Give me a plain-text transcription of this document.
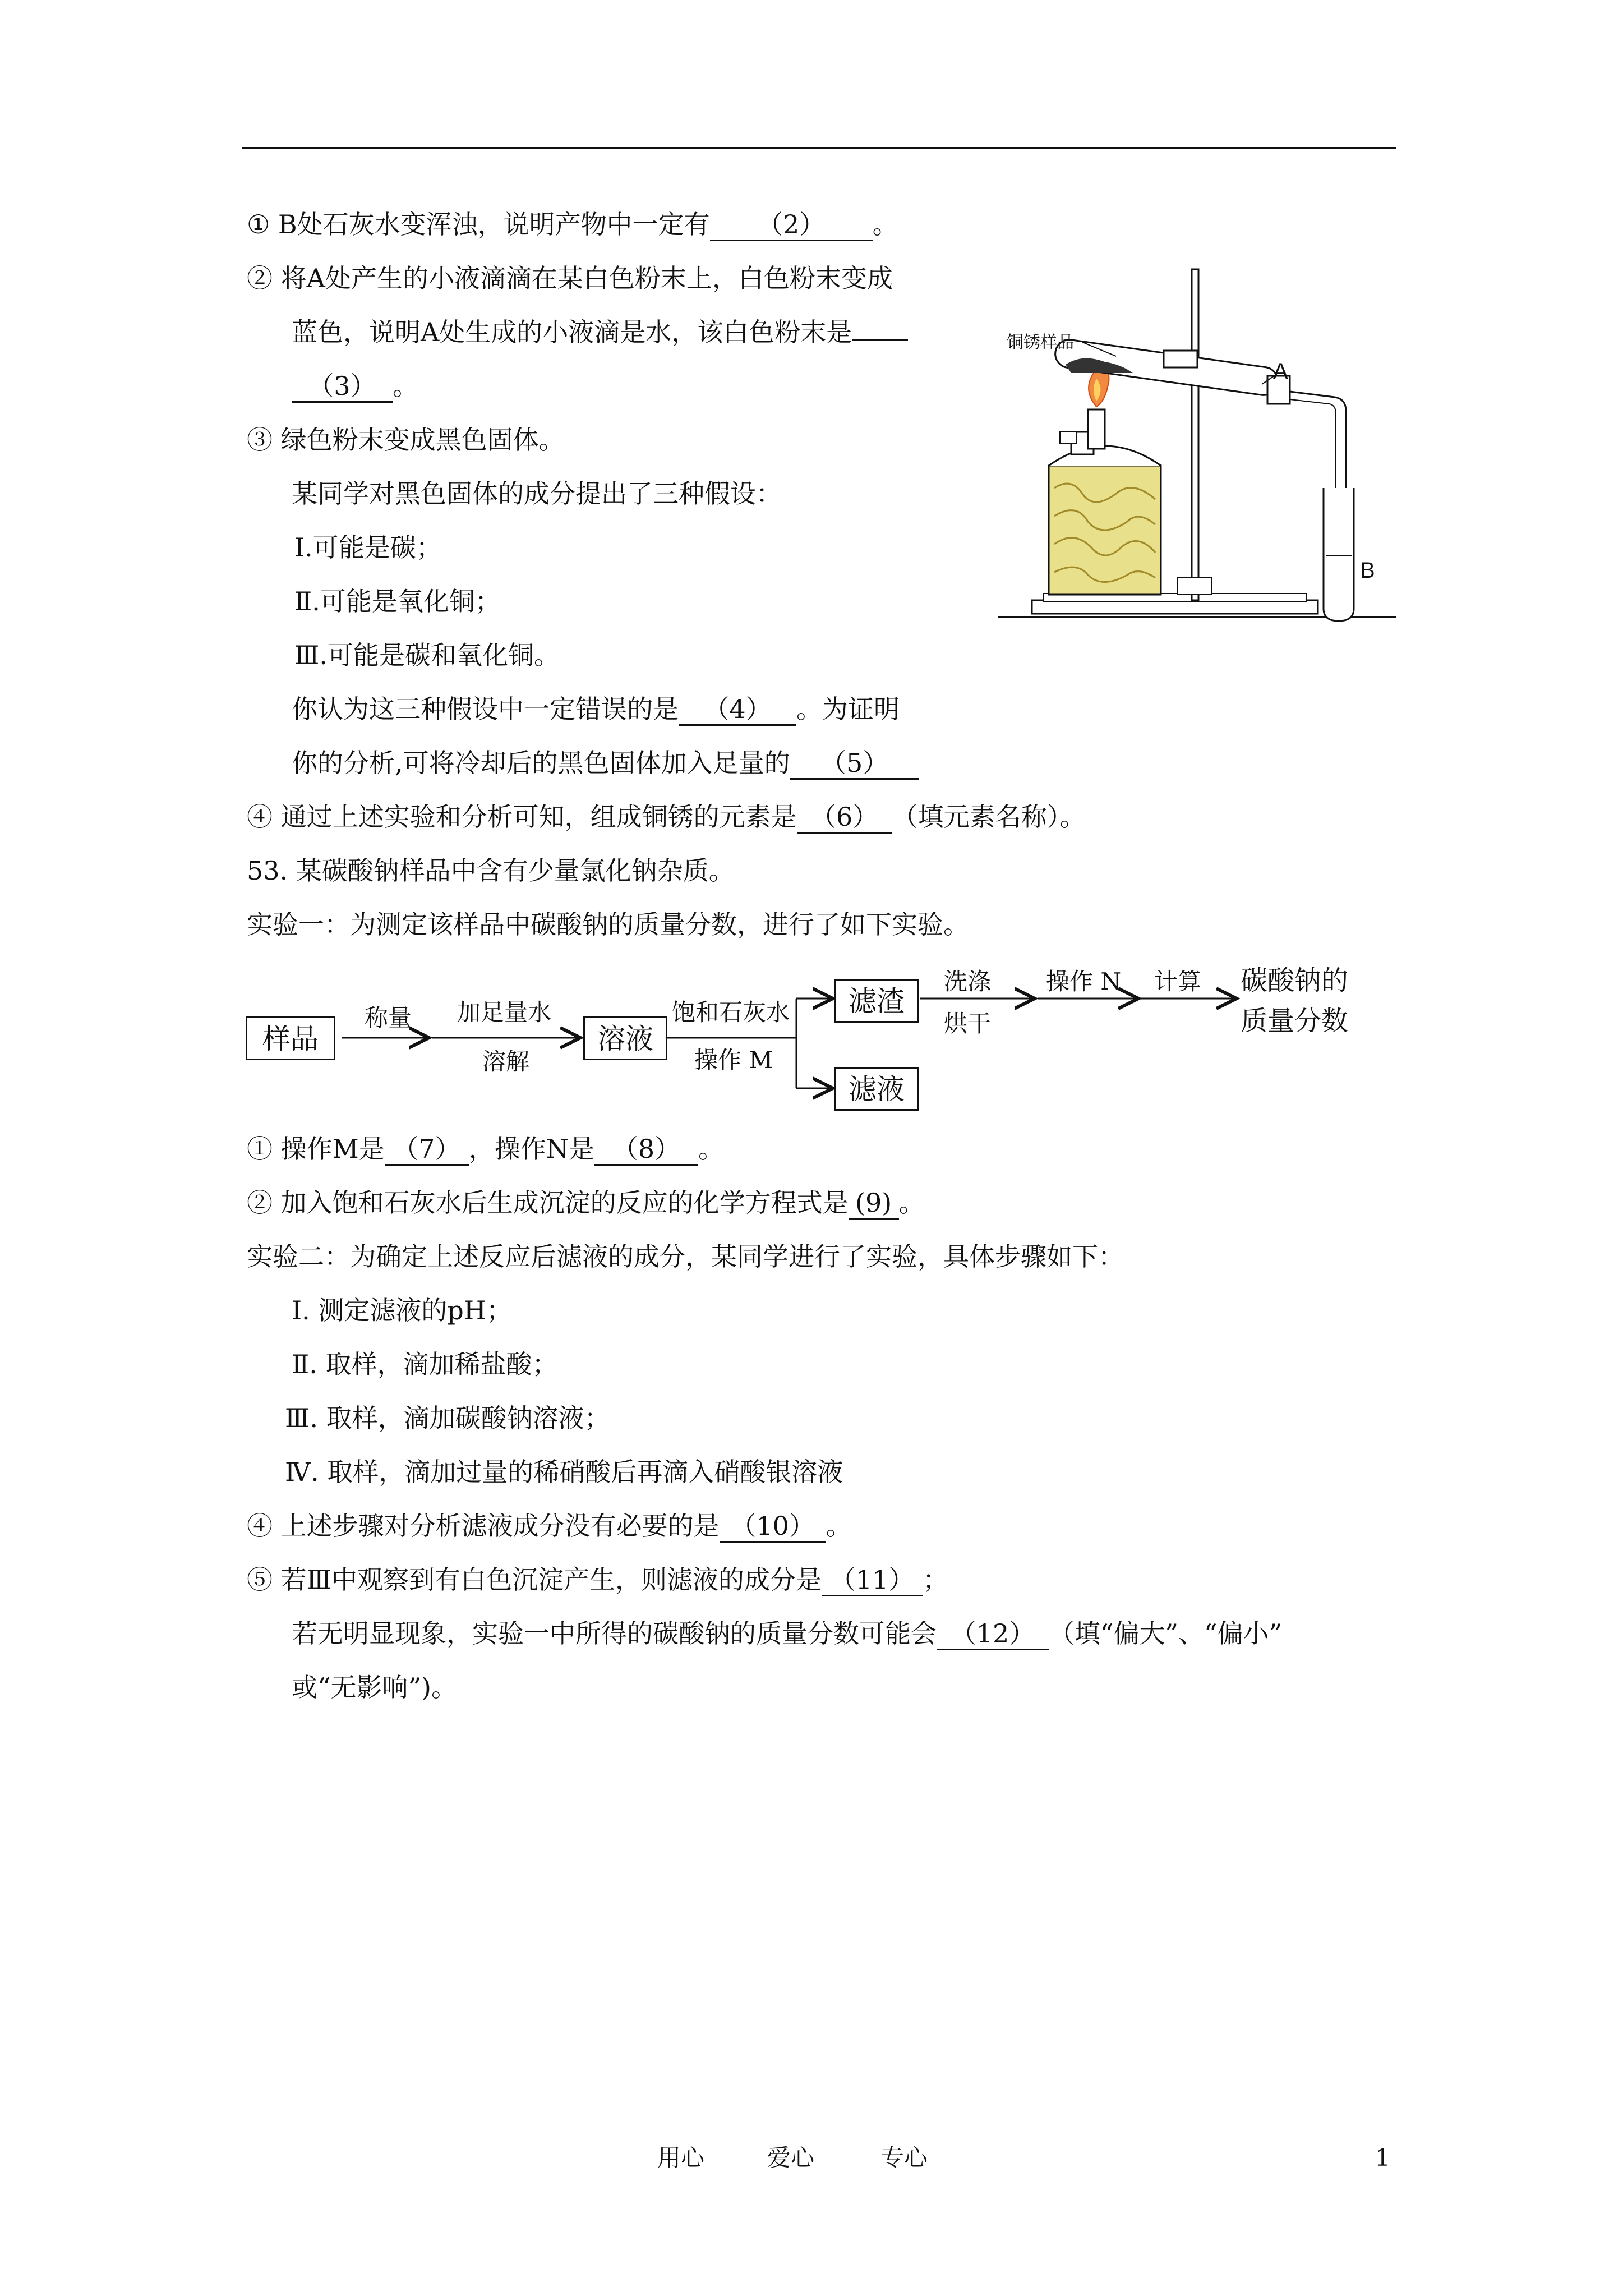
① B处石灰水变浑浊，说明产物中一定有 （2） 。
② 将A处产生的小液滴滴在某白色粉末上，白色粉末变成
蓝色，说明A处生成的小液滴是水，该白色粉末是
（3） 。
③ 绿色粉末变成黑色固体。
某同学对黑色固体的成分提出了三种假设：
Ⅰ.可能是碳；
Ⅱ.可能是氧化铜；
Ⅲ.可能是碳和氧化铜。
你认为这三种假设中一定错误的是 （4） 。为证明
你的分析,可将冷却后的黑色固体加入足量的 （5）
④ 通过上述实验和分析可知，组成铜锈的元素是 （6） （填元素名称）。
铜锈样品
A
B
53. 某碳酸钠样品中含有少量氯化钠杂质。
实验一：为测定该样品中碳酸钠的质量分数，进行了如下实验。
样品
称量 加足量水
溶解
溶液
饱和石灰水
操作 M
滤渣
滤液
洗涤
烘干
操作 N 计算 碳酸钠的
质量分数
① 操作M是 （7） ，操作N是 （8） 。
② 加入饱和石灰水后生成沉淀的反应的化学方程式是 (9) 。
实验二：为确定上述反应后滤液的成分，某同学进行了实验，具体步骤如下：
Ⅰ. 测定滤液的pH；
Ⅱ. 取样，滴加稀盐酸；
Ⅲ. 取样，滴加碳酸钠溶液；
Ⅳ. 取样，滴加过量的稀硝酸后再滴入硝酸银溶液
④ 上述步骤对分析滤液成分没有必要的是 （10） 。
⑤ 若Ⅲ中观察到有白色沉淀产生，则滤液的成分是 （11） ；
若无明显现象，实验一中所得的碳酸钠的质量分数可能会 （12） （填“偏大”、“偏小”
或“无影响”)。
用心	爱心	专心	1
